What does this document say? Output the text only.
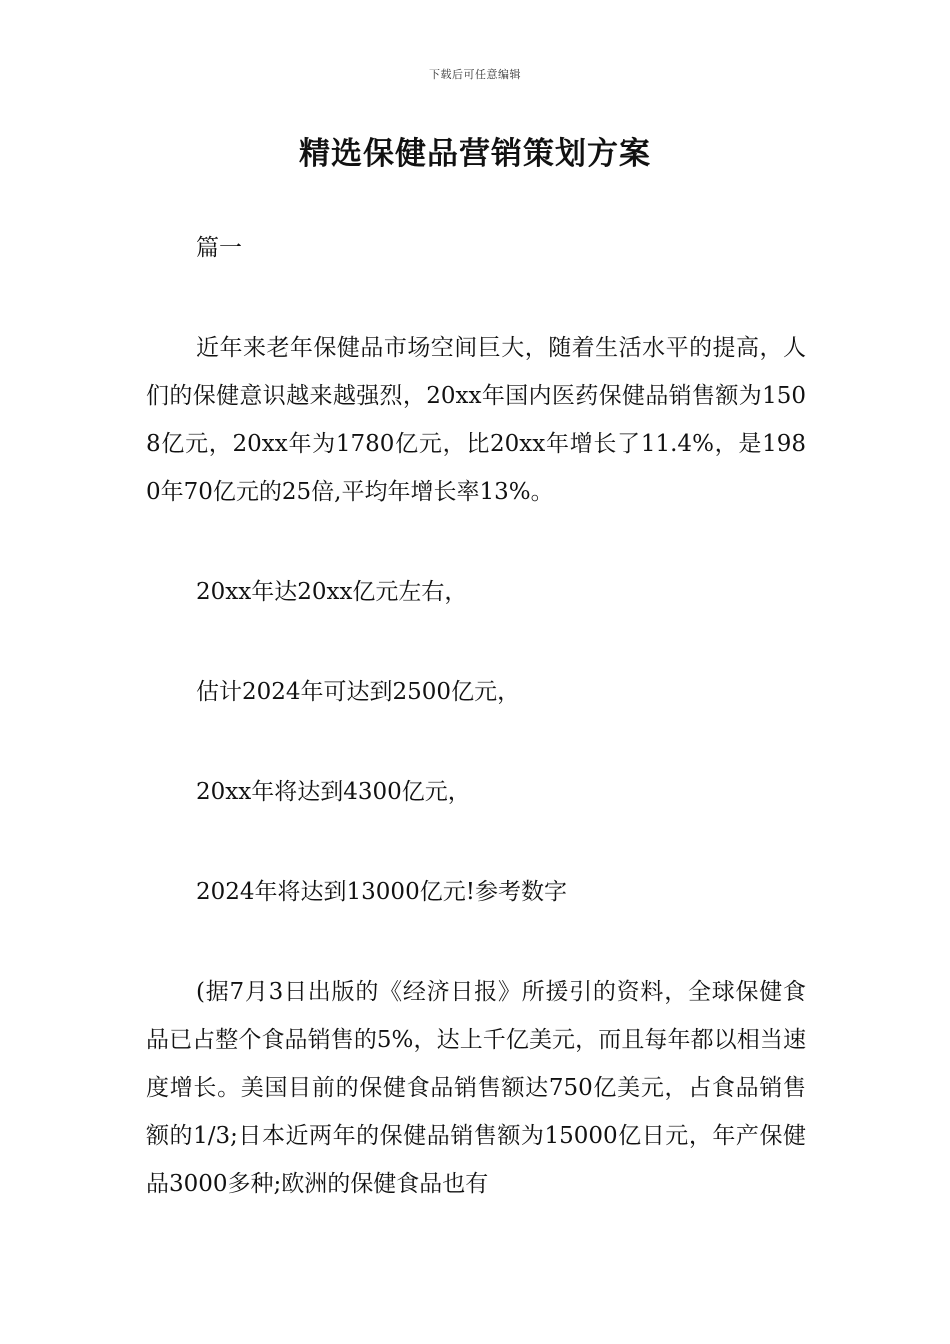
下载后可任意编辑
精选保健品营销策划方案

篇一

近年来老年保健品市场空间巨大，随着生活水平的提高，人们的保健意识越来越强烈，20xx年国内医药保健品销售额为1508亿元，20xx年为1780亿元，比20xx年增长了11.4%，是1980年70亿元的25倍,平均年增长率13%。

20xx年达20xx亿元左右，

估计2024年可达到2500亿元，

20xx年将达到4300亿元，

2024年将达到13000亿元!参考数字

(据7月3日出版的《经济日报》所援引的资料，全球保健食品已占整个食品销售的5%，达上千亿美元，而且每年都以相当速度增长。美国目前的保健食品销售额达750亿美元，占食品销售额的1/3;日本近两年的保健品销售额为15000亿日元，年产保健品3000多种;欧洲的保健食品也有
